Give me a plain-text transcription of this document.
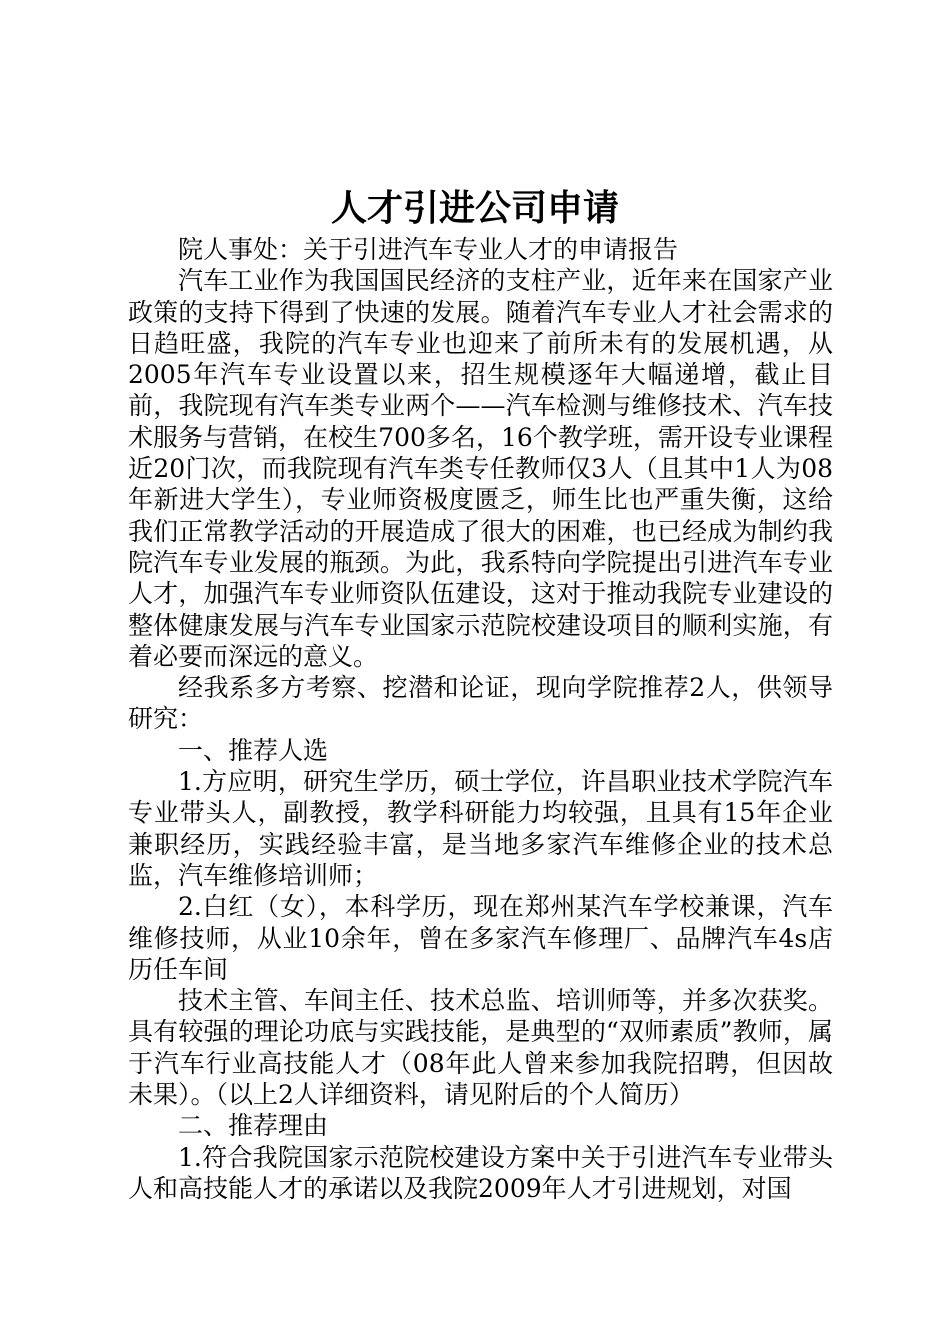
人才引进公司申请

院人事处：关于引进汽车专业人才的申请报告

汽车工业作为我国国民经济的支柱产业，近年来在国家产业政策的支持下得到了快速的发展。随着汽车专业人才社会需求的日趋旺盛，我院的汽车专业也迎来了前所未有的发展机遇，从2005年汽车专业设置以来，招生规模逐年大幅递增，截止目前，我院现有汽车类专业两个——汽车检测与维修技术、汽车技术服务与营销，在校生700多名，16个教学班，需开设专业课程近20门次，而我院现有汽车类专任教师仅3人（且其中1人为08年新进大学生），专业师资极度匮乏，师生比也严重失衡，这给我们正常教学活动的开展造成了很大的困难，也已经成为制约我院汽车专业发展的瓶颈。为此，我系特向学院提出引进汽车专业人才，加强汽车专业师资队伍建设，这对于推动我院专业建设的整体健康发展与汽车专业国家示范院校建设项目的顺利实施，有着必要而深远的意义。

经我系多方考察、挖潜和论证，现向学院推荐2人，供领导研究：

一、推荐人选

1.方应明，研究生学历，硕士学位，许昌职业技术学院汽车专业带头人，副教授，教学科研能力均较强，且具有15年企业兼职经历，实践经验丰富，是当地多家汽车维修企业的技术总监，汽车维修培训师；

2.白红（女），本科学历，现在郑州某汽车学校兼课，汽车维修技师，从业10余年，曾在多家汽车修理厂、品牌汽车4s店历任车间

技术主管、车间主任、技术总监、培训师等，并多次获奖。具有较强的理论功底与实践技能，是典型的“双师素质”教师，属于汽车行业高技能人才（08年此人曾来参加我院招聘，但因故未果）。（以上2人详细资料，请见附后的个人简历）

二、推荐理由

1.符合我院国家示范院校建设方案中关于引进汽车专业带头人和高技能人才的承诺以及我院2009年人才引进规划，对国
